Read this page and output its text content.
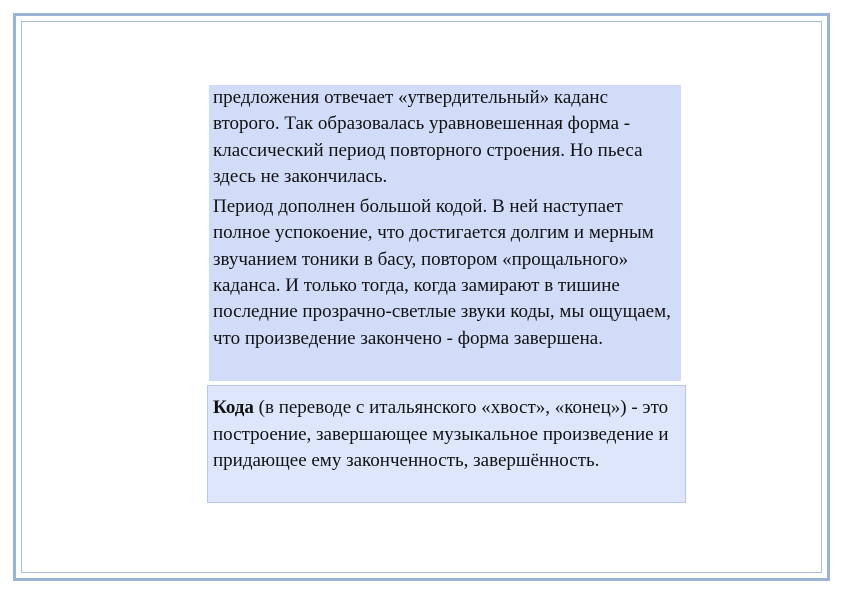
предложения отвечает «утвердительный» каданс второго. Так образовалась уравновешенная форма - классический период повторного строения. Но пьеса здесь не закончилась.

Период дополнен большой кодой. В ней наступает полное успокоение, что достигается долгим и мерным звучанием тоники в басу, повтором «прощального» каданса. И только тогда, когда замирают в тишине последние прозрачно-светлые звуки коды, мы ощущаем, что произведение закончено - форма завершена.

Кода (в переводе с итальянского «хвост», «конец») - это построение, завершающее музыкальное произведение и придающее ему законченность, завершённость.
